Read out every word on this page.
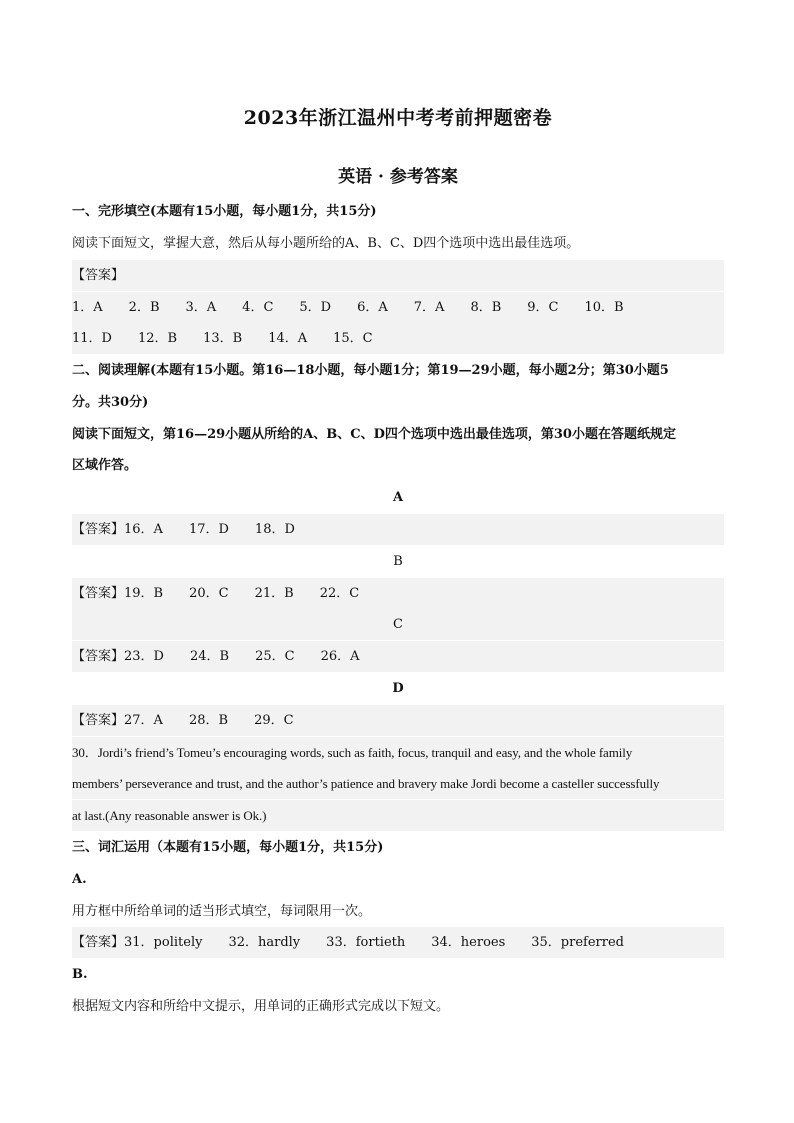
2023年浙江温州中考考前押题密卷
英语 · 参考答案
一、完形填空(本题有15小题，每小题1分，共15分)
阅读下面短文，掌握大意，然后从每小题所给的A、B、C、D四个选项中选出最佳选项。
【答案】
1．A 2．B 3．A 4．C 5．D 6．A 7．A 8．B 9．C 10．B
11．D 12．B 13．B 14．A 15．C
二、阅读理解(本题有15小题。第16—18小题，每小题1分；第19—29小题，每小题2分；第30小题5
分。共30分)
阅读下面短文，第16—29小题从所给的A、B、C、D四个选项中选出最佳选项，第30小题在答题纸规定
区域作答。
A
【答案】16．A 17．D 18．D
B
【答案】19．B 20．C 21．B 22．C
C
【答案】23．D 24．B 25．C 26．A
D
【答案】27．A 28．B 29．C
30．Jordi’s friend’s Tomeu’s encouraging words, such as faith, focus, tranquil and easy, and the whole family
members’ perseverance and trust, and the author’s patience and bravery make Jordi become a casteller successfully
at last.(Any reasonable answer is Ok.)
三、词汇运用（本题有15小题，每小题1分，共15分)
A.
用方框中所给单词的适当形式填空，每词限用一次。
【答案】31．politely 32．hardly 33．fortieth 34．heroes 35．preferred
B.
根据短文内容和所给中文提示，用单词的正确形式完成以下短文。
